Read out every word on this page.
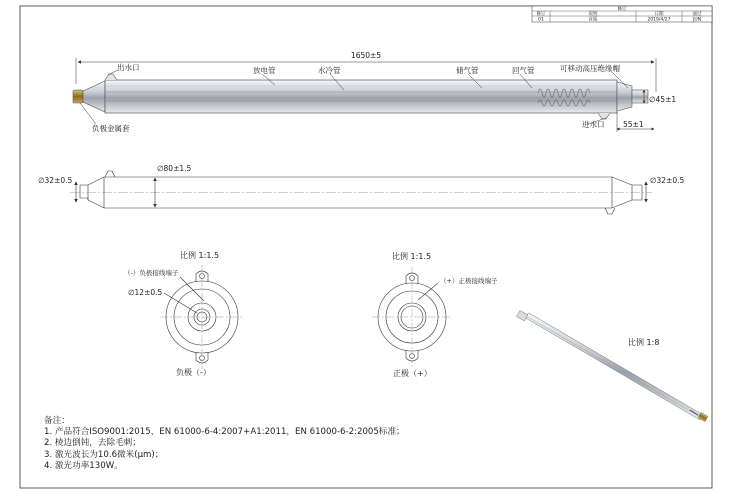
修订
修订	说明	日期	通过
01	首版	2019/4/27	JUN
1650±5
出水口	放电管	水冷管	储气管	回气管	可移动高压绝缘帽
负极金属套	进水口
∅45±1
55±1
∅32±0.5
∅80±1.5
∅32±0.5
比例 1:1.5
（-）负极接线端子
∅12±0.5
负极（-）
比例 1:1.5
（+）正极接线端子
正极（+）
比例 1:8
备注：
1. 产品符合ISO9001:2015，EN 61000-6-4:2007+A1:2011，EN 61000-6-2:2005标准；
2. 棱边倒钝，去除毛刺；
3. 激光波长为10.6微米(μm)；
4. 激光功率130W。
